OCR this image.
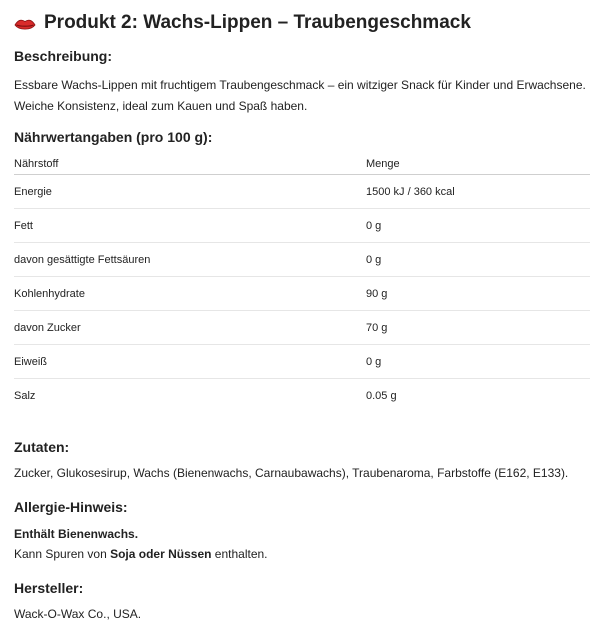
Produkt 2: Wachs-Lippen – Traubengeschmack
Beschreibung:
Essbare Wachs-Lippen mit fruchtigem Traubengeschmack – ein witziger Snack für Kinder und Erwachsene. Weiche Konsistenz, ideal zum Kauen und Spaß haben.
Nährwertangaben (pro 100 g):
Nährstoff	Menge
Energie	1500 kJ / 360 kcal
Fett	0 g
davon gesättigte Fettsäuren	0 g
Kohlenhydrate	90 g
davon Zucker	70 g
Eiweiß	0 g
Salz	0.05 g
Zutaten:
Zucker, Glukosesirup, Wachs (Bienenwachs, Carnaubawachs), Traubenaroma, Farbstoffe (E162, E133).
Allergie-Hinweis:
Enthält Bienenwachs.
Kann Spuren von Soja oder Nüssen enthalten.
Hersteller:
Wack-O-Wax Co., USA.
